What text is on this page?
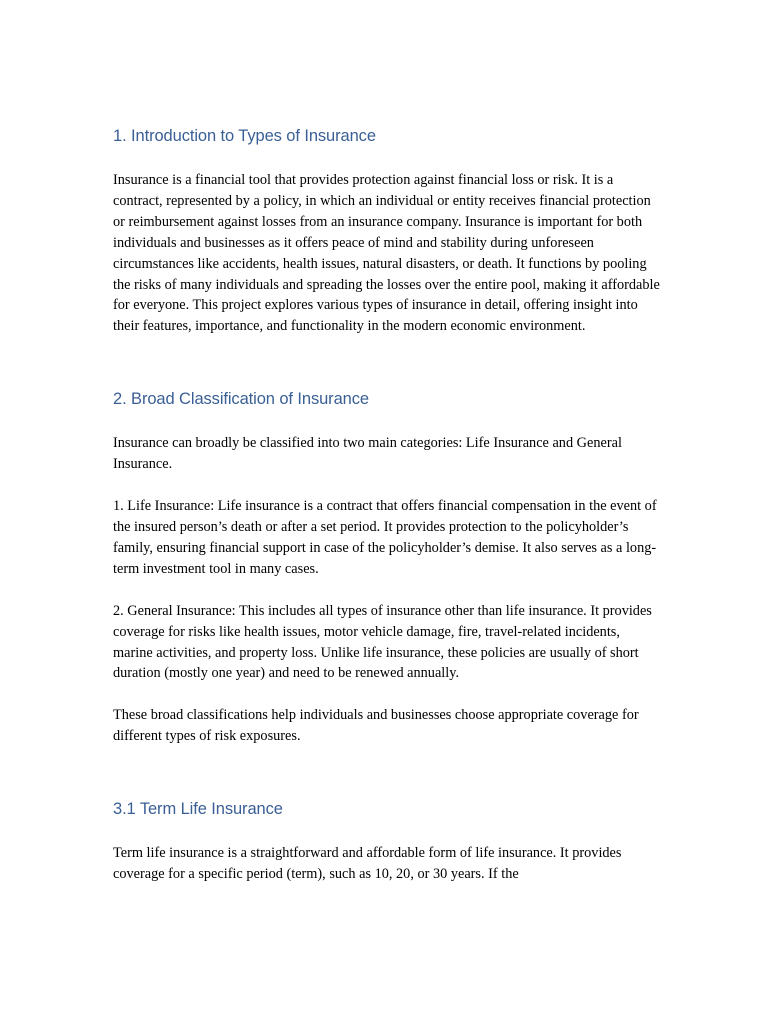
1. Introduction to Types of Insurance

Insurance is a financial tool that provides protection against financial loss or risk. It is a contract, represented by a policy, in which an individual or entity receives financial protection or reimbursement against losses from an insurance company. Insurance is important for both individuals and businesses as it offers peace of mind and stability during unforeseen circumstances like accidents, health issues, natural disasters, or death. It functions by pooling the risks of many individuals and spreading the losses over the entire pool, making it affordable for everyone. This project explores various types of insurance in detail, offering insight into their features, importance, and functionality in the modern economic environment.

2. Broad Classification of Insurance

Insurance can broadly be classified into two main categories: Life Insurance and General Insurance.

1. Life Insurance: Life insurance is a contract that offers financial compensation in the event of the insured person’s death or after a set period. It provides protection to the policyholder’s family, ensuring financial support in case of the policyholder’s demise. It also serves as a long-term investment tool in many cases.

2. General Insurance: This includes all types of insurance other than life insurance. It provides coverage for risks like health issues, motor vehicle damage, fire, travel-related incidents, marine activities, and property loss. Unlike life insurance, these policies are usually of short duration (mostly one year) and need to be renewed annually.

These broad classifications help individuals and businesses choose appropriate coverage for different types of risk exposures.

3.1 Term Life Insurance

Term life insurance is a straightforward and affordable form of life insurance. It provides coverage for a specific period (term), such as 10, 20, or 30 years. If the
